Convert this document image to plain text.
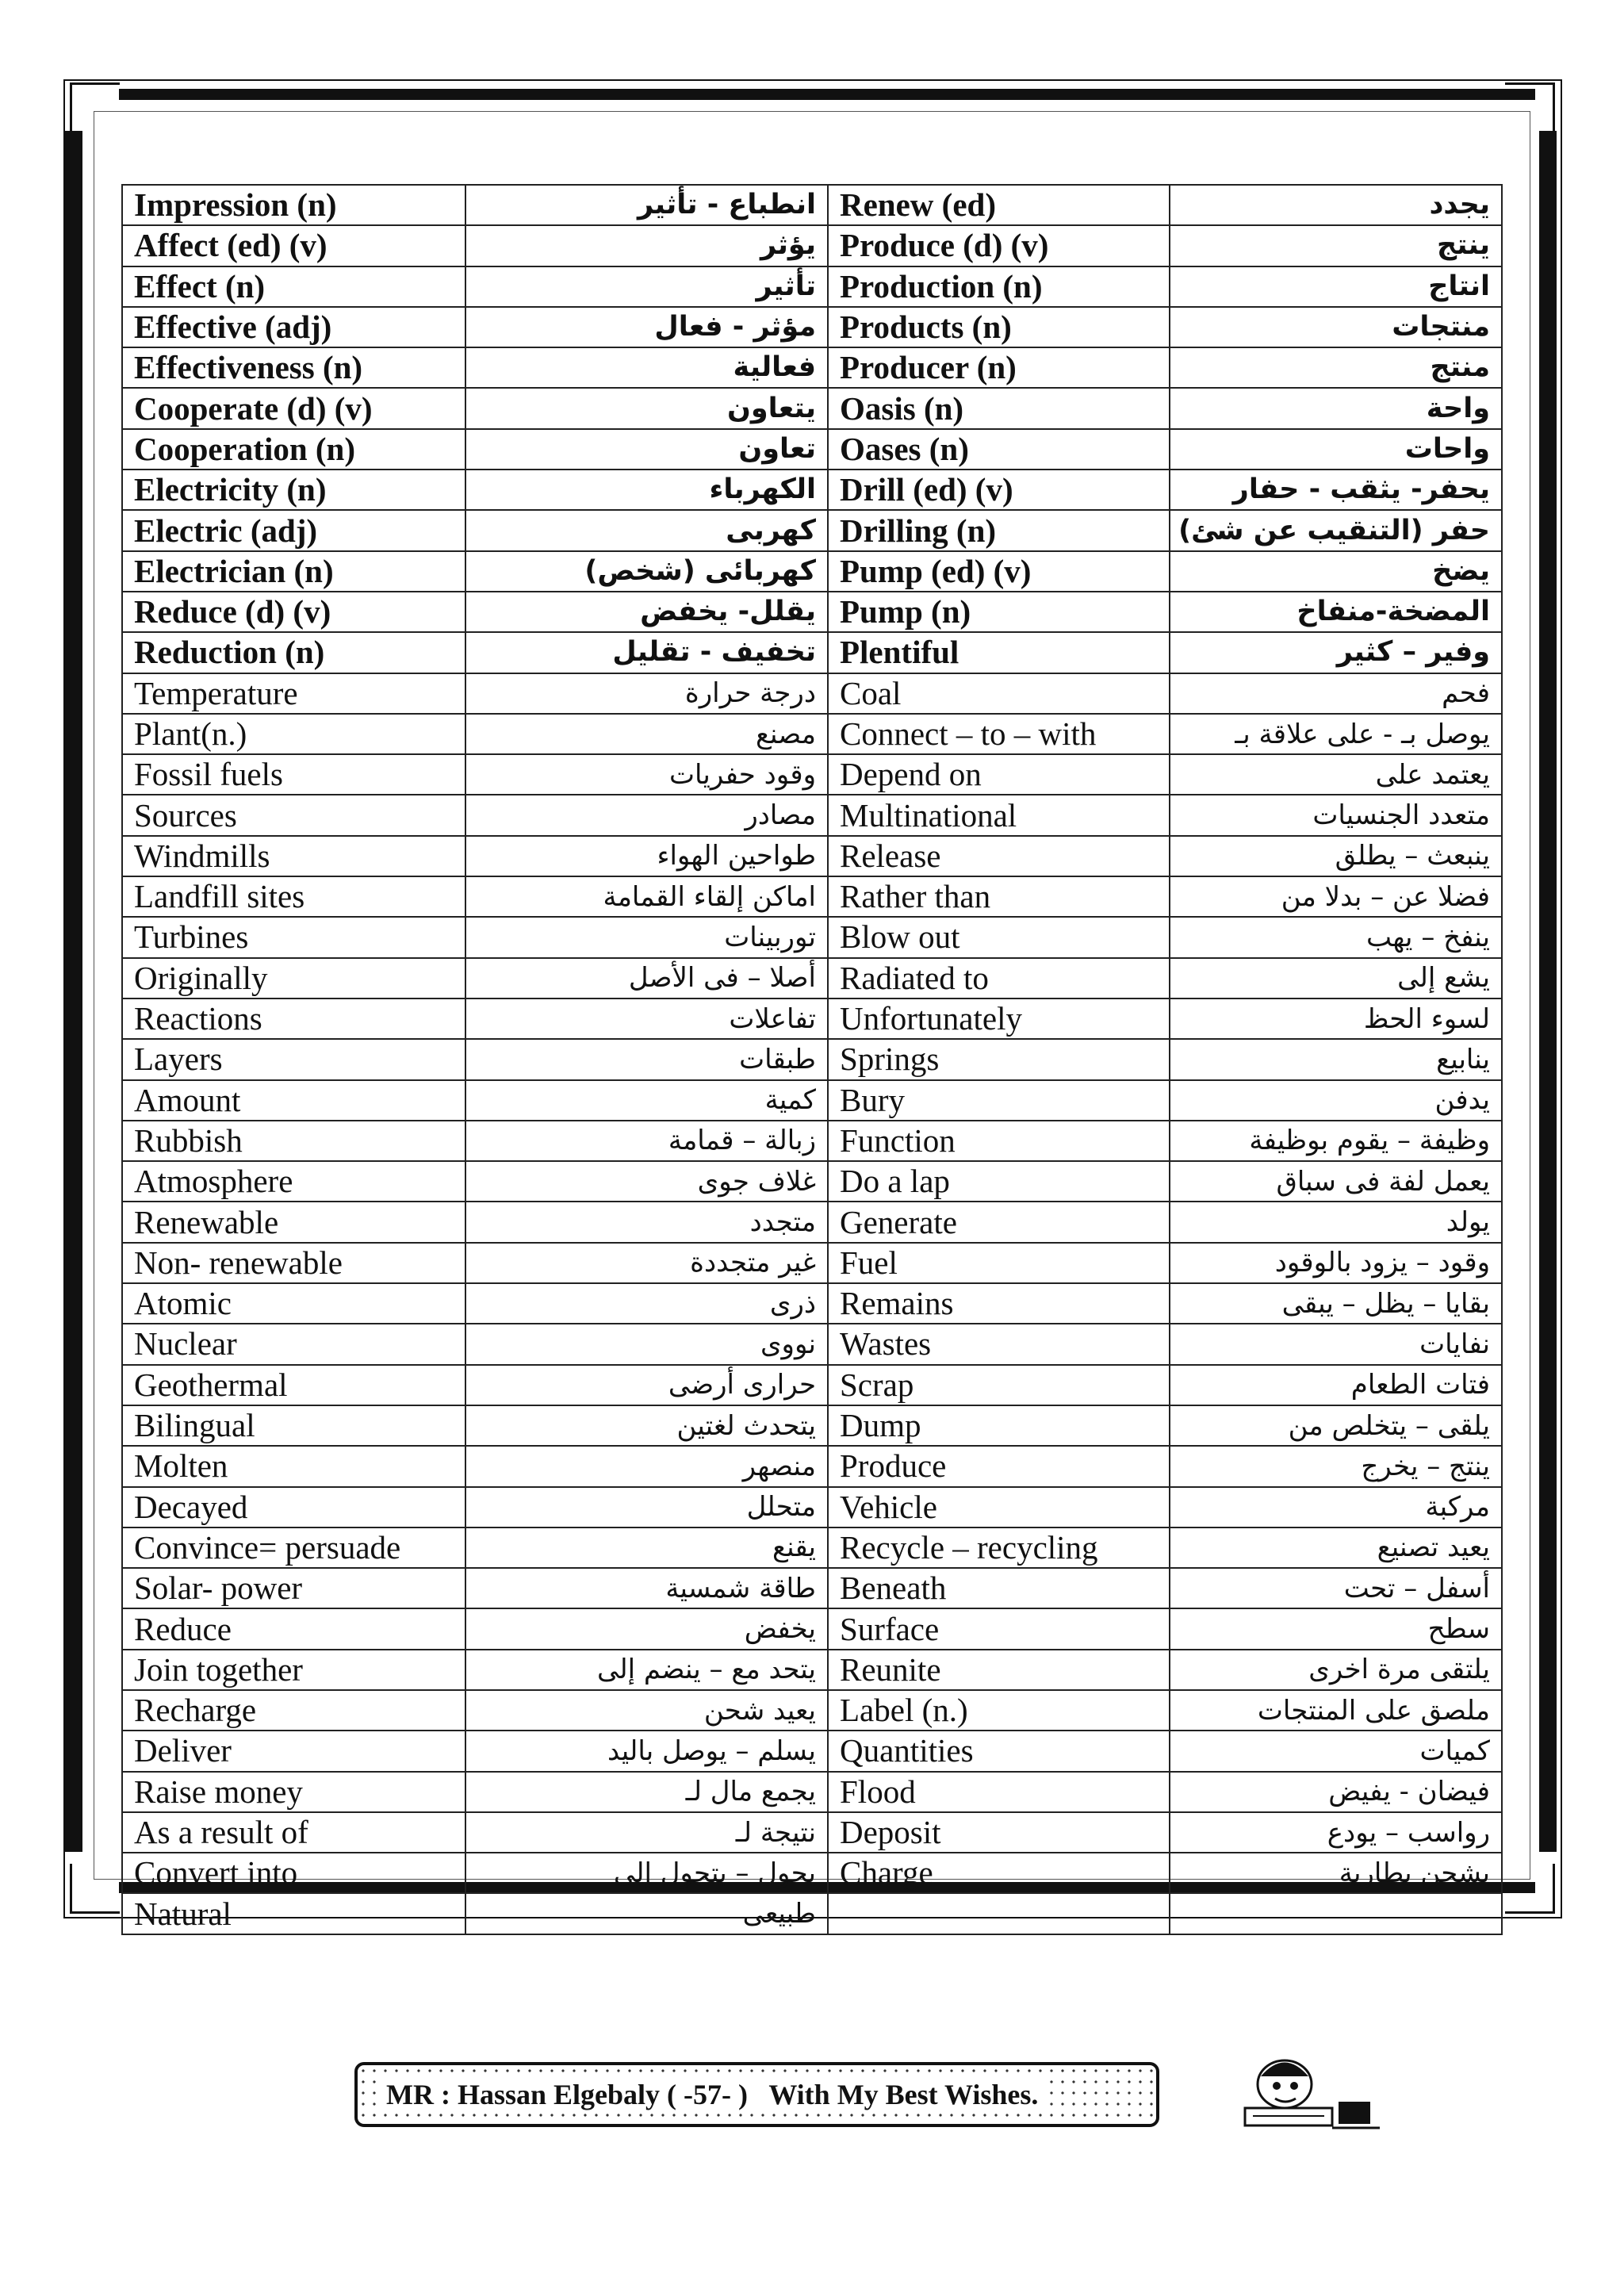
Impression (n)	انطباع - تأثير	Renew (ed)	يجدد
Affect (ed) (v)	يؤثر	Produce (d) (v)	ينتج
Effect (n)	تأثير	Production (n)	انتاج
Effective (adj)	مؤثر - فعال	Products (n)	منتجات
Effectiveness (n)	فعالية	Producer (n)	منتج
Cooperate (d) (v)	يتعاون	Oasis (n)	واحة
Cooperation (n)	تعاون	Oases (n)	واحات
Electricity (n)	الكهرباء	Drill (ed) (v)	يحفر- يثقب - حفار
Electric (adj)	كهربى	Drilling (n)	حفر (التنقيب عن شئ)
Electrician (n)	كهربائى (شخص)	Pump (ed) (v)	يضخ
Reduce (d) (v)	يقلل- يخفض	Pump (n)	المضخة-منفاخ
Reduction (n)	تخفيف - تقليل	Plentiful	وفير – كثير
Temperature	درجة حرارة	Coal	فحم
Plant(n.)	مصنع	Connect – to – with	يوصل بـ - على علاقة بـ
Fossil fuels	وقود حفريات	Depend on	يعتمد على
Sources	مصادر	Multinational	متعدد الجنسيات
Windmills	طواحين الهواء	Release	ينبعث – يطلق
Landfill sites	اماكن إلقاء القمامة	Rather than	فضلا عن – بدلا من
Turbines	توربينات	Blow out	ينفخ – يهب
Originally	أصلا – فى الأصل	Radiated to	يشع إلى
Reactions	تفاعلات	Unfortunately	لسوء الحظ
Layers	طبقات	Springs	ينابيع
Amount	كمية	Bury	يدفن
Rubbish	زبالة – قمامة	Function	وظيفة – يقوم بوظيفة
Atmosphere	غلاف جوى	Do a lap	يعمل لفة فى سباق
Renewable	متجدد	Generate	يولد
Non- renewable	غير متجددة	Fuel	وقود – يزود بالوقود
Atomic	ذرى	Remains	بقايا – يظل – يبقى
Nuclear	نووى	Wastes	نفايات
Geothermal	حرارى أرضى	Scrap	فتات الطعام
Bilingual	يتحدث لغتين	Dump	يلقى – يتخلص من
Molten	منصهر	Produce	ينتج – يخرج
Decayed	متحلل	Vehicle	مركبة
Convince= persuade	يقنع	Recycle – recycling	يعيد تصنيع
Solar- power	طاقة شمسية	Beneath	أسفل – تحت
Reduce	يخفض	Surface	سطح
Join together	يتحد مع – ينضم إلى	Reunite	يلتقى مرة اخرى
Recharge	يعيد شحن	Label (n.)	ملصق على المنتجات
Deliver	يسلم – يوصل باليد	Quantities	كميات
Raise money	يجمع مال لـ	Flood	فيضان - يفيض
As a result of	نتيجة لـ	Deposit	رواسب – يودع
Convert into	يحول – يتحول إلى	Charge	يشحن بطارية
Natural	طبيعى		
MR : Hassan Elgebaly ( -57- )   With My Best Wishes.
